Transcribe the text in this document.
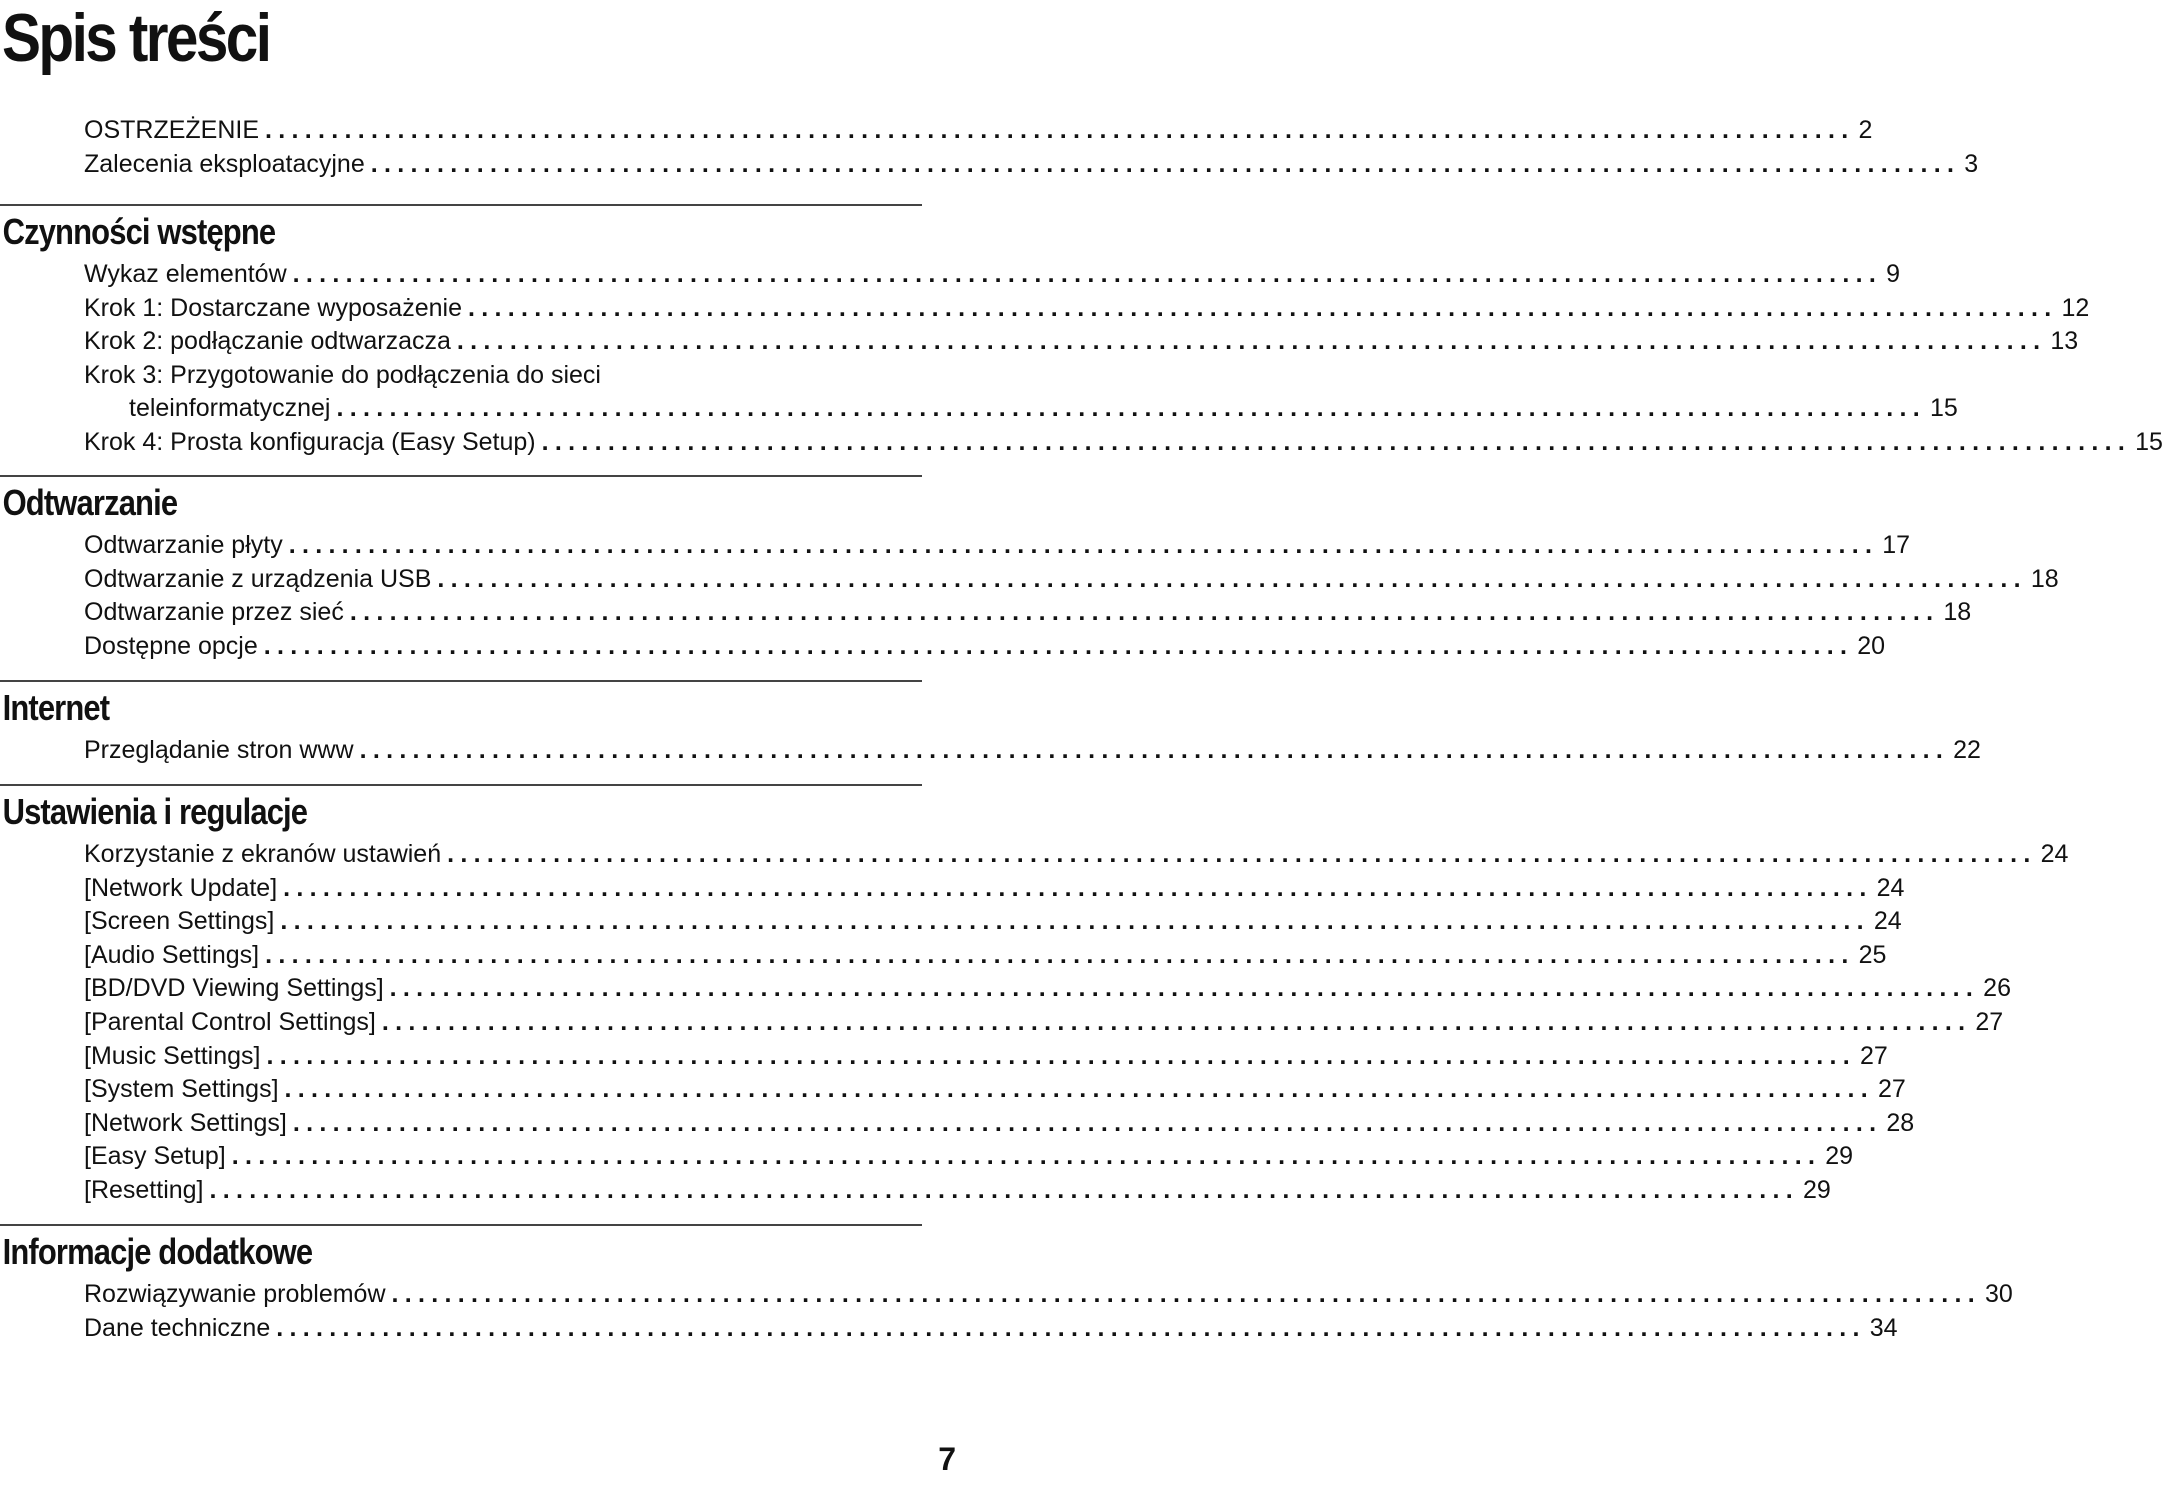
Spis treści
OSTRZEŻENIE ........................................................................................................................ 2
Zalecenia eksploatacyjne ........................................................................................................................ 3
Czynności wstępne
Wykaz elementów ........................................................................................................................ 9
Krok 1: Dostarczane wyposażenie ........................................................................................................................ 12
Krok 2: podłączanie odtwarzacza ........................................................................................................................ 13
Krok 3: Przygotowanie do podłączenia do sieci
teleinformatycznej ........................................................................................................................ 15
Krok 4: Prosta konfiguracja (Easy Setup) ........................................................................................................................ 15
Odtwarzanie
Odtwarzanie płyty ........................................................................................................................ 17
Odtwarzanie z urządzenia USB ........................................................................................................................ 18
Odtwarzanie przez sieć ........................................................................................................................ 18
Dostępne opcje ........................................................................................................................ 20
Internet
Przeglądanie stron www ........................................................................................................................ 22
Ustawienia i regulacje
Korzystanie z ekranów ustawień ........................................................................................................................ 24
[Network Update] ........................................................................................................................ 24
[Screen Settings] ........................................................................................................................ 24
[Audio Settings] ........................................................................................................................ 25
[BD/DVD Viewing Settings] ........................................................................................................................ 26
[Parental Control Settings] ........................................................................................................................ 27
[Music Settings] ........................................................................................................................ 27
[System Settings] ........................................................................................................................ 27
[Network Settings] ........................................................................................................................ 28
[Easy Setup] ........................................................................................................................ 29
[Resetting] ........................................................................................................................ 29
Informacje dodatkowe
Rozwiązywanie problemów ........................................................................................................................ 30
Dane techniczne ........................................................................................................................ 34
7
